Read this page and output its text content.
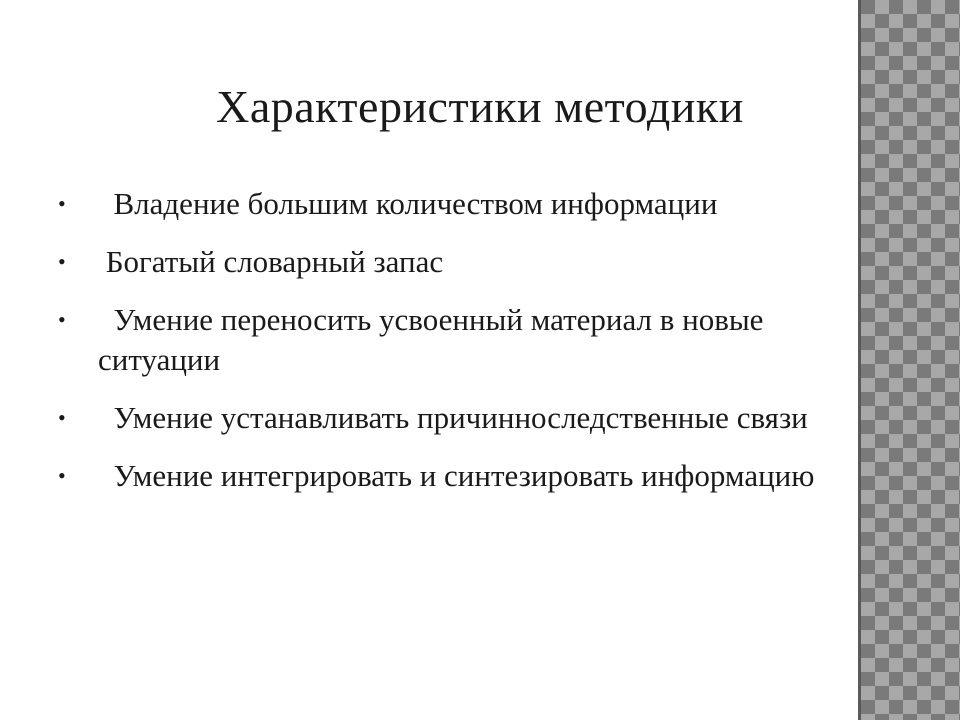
Характеристики методики
• Владение большим количеством информации
• Богатый словарный запас
• Умение переносить усвоенный материал в новые ситуации
• Умение устанавливать причинноследственные связи
• Умение интегрировать и синтезировать информацию
